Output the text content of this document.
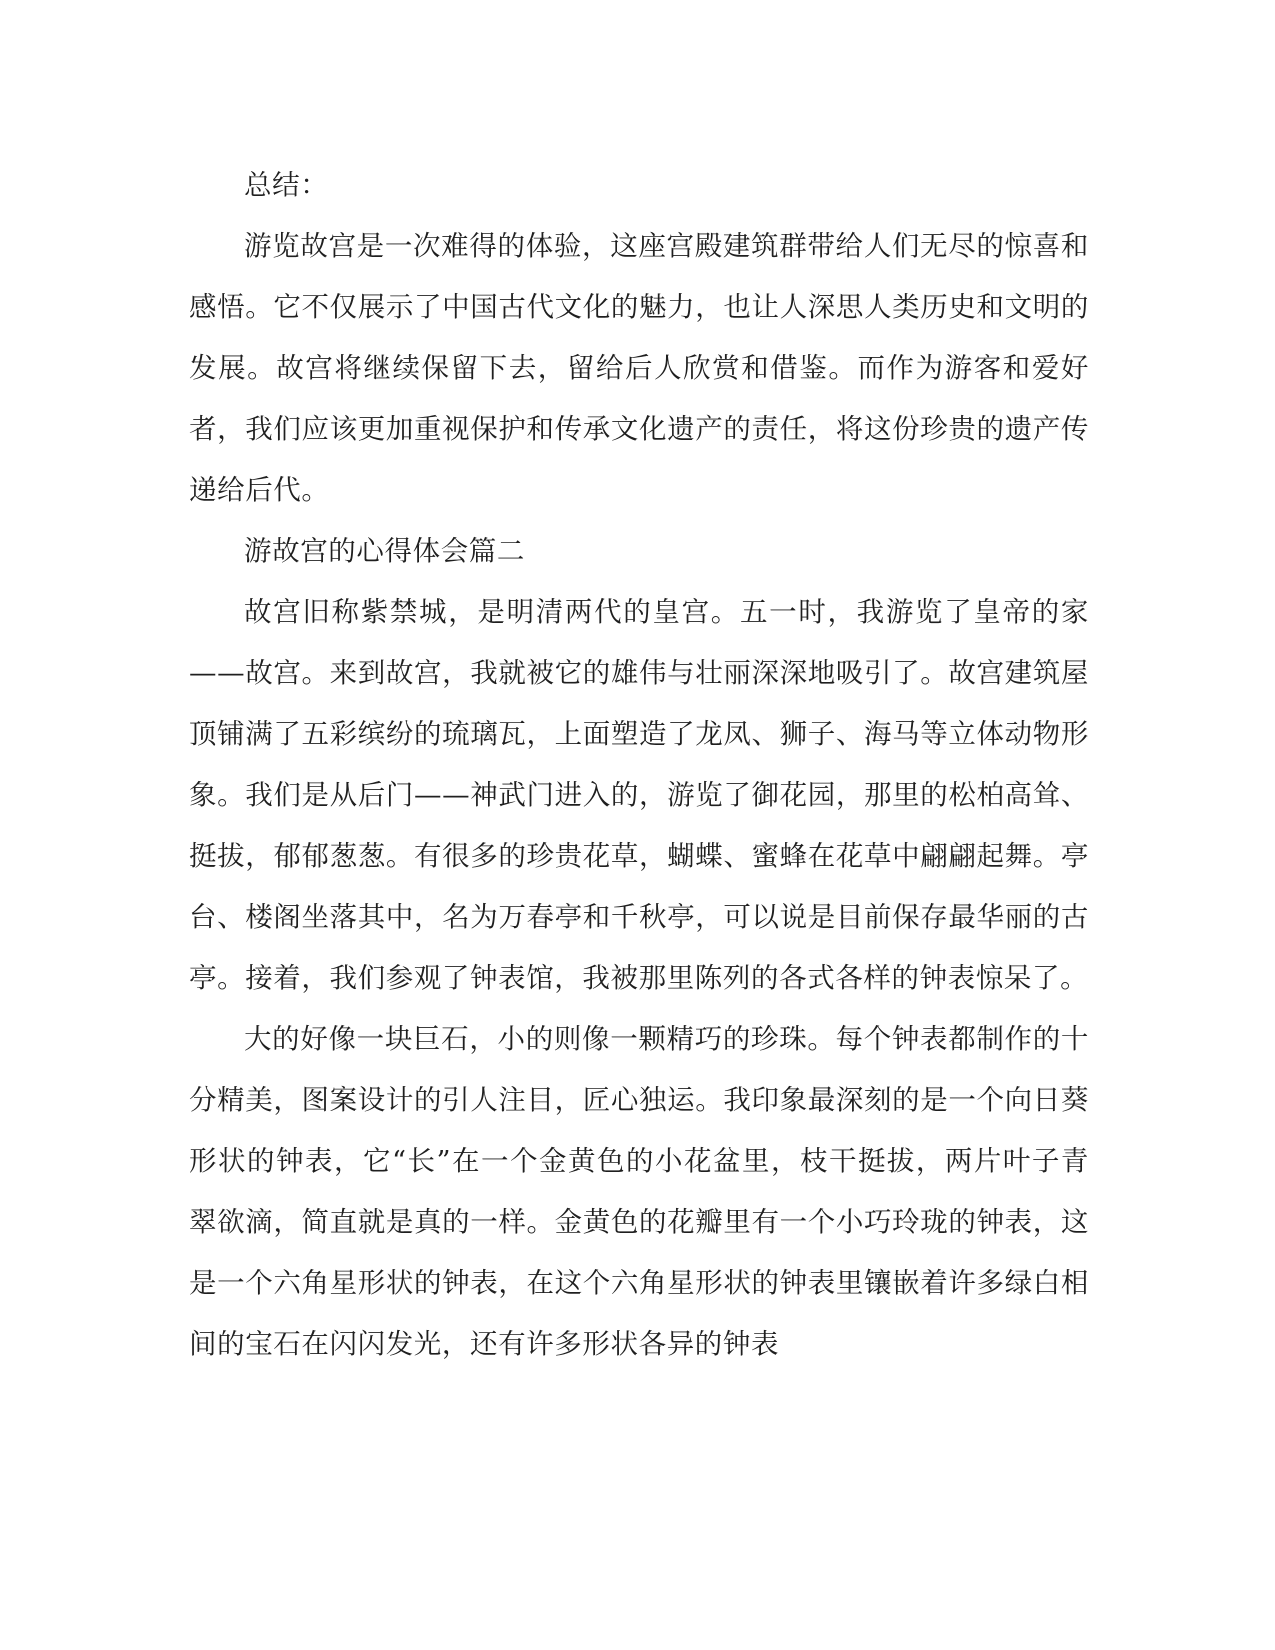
总结：

游览故宫是一次难得的体验，这座宫殿建筑群带给人们无尽的惊喜和感悟。它不仅展示了中国古代文化的魅力，也让人深思人类历史和文明的发展。故宫将继续保留下去，留给后人欣赏和借鉴。而作为游客和爱好者，我们应该更加重视保护和传承文化遗产的责任，将这份珍贵的遗产传递给后代。

游故宫的心得体会篇二

故宫旧称紫禁城，是明清两代的皇宫。五一时，我游览了皇帝的家——故宫。来到故宫，我就被它的雄伟与壮丽深深地吸引了。故宫建筑屋顶铺满了五彩缤纷的琉璃瓦，上面塑造了龙凤、狮子、海马等立体动物形象。我们是从后门——神武门进入的，游览了御花园，那里的松柏高耸、挺拔，郁郁葱葱。有很多的珍贵花草，蝴蝶、蜜蜂在花草中翩翩起舞。亭台、楼阁坐落其中，名为万春亭和千秋亭，可以说是目前保存最华丽的古亭。接着，我们参观了钟表馆，我被那里陈列的各式各样的钟表惊呆了。

大的好像一块巨石，小的则像一颗精巧的珍珠。每个钟表都制作的十分精美，图案设计的引人注目，匠心独运。我印象最深刻的是一个向日葵形状的钟表，它“长”在一个金黄色的小花盆里，枝干挺拔，两片叶子青翠欲滴，简直就是真的一样。金黄色的花瓣里有一个小巧玲珑的钟表，这是一个六角星形状的钟表，在这个六角星形状的钟表里镶嵌着许多绿白相间的宝石在闪闪发光，还有许多形状各异的钟表
